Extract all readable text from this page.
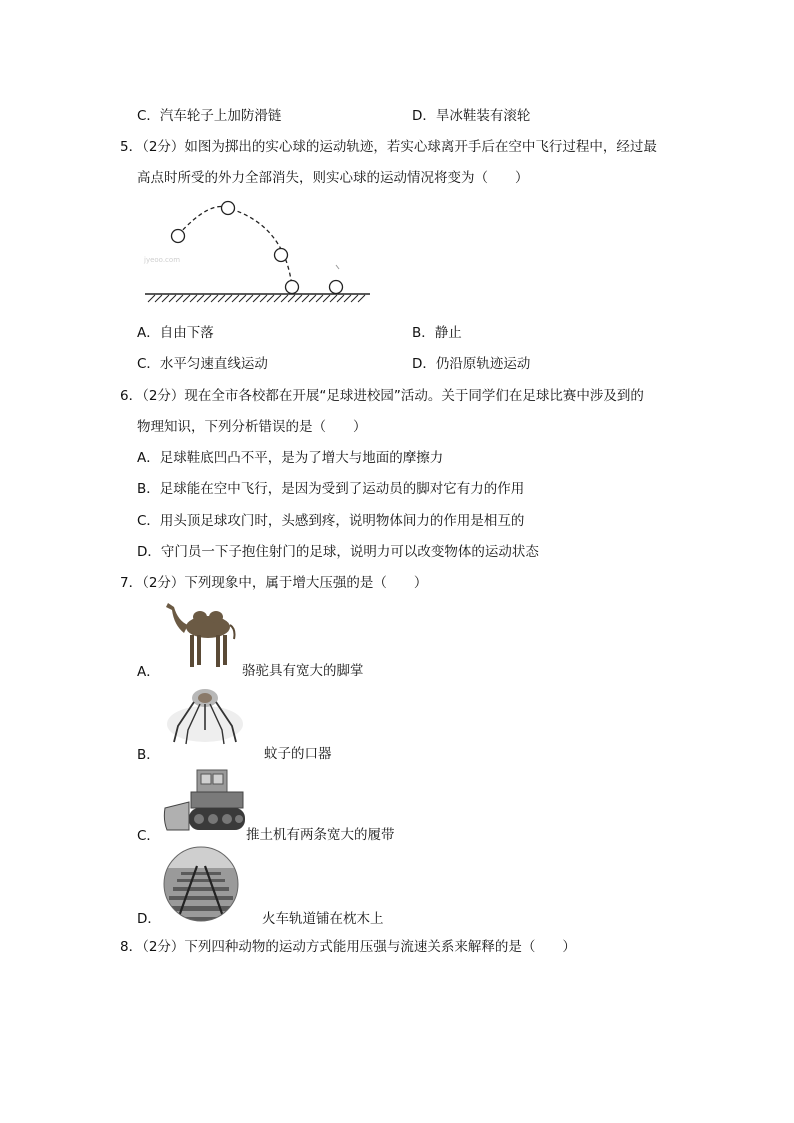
C．汽车轮子上加防滑链	D．旱冰鞋装有滚轮
5．（2分）如图为掷出的实心球的运动轨迹，若实心球离开手后在空中飞行过程中，经过最
高点时所受的外力全部消失，则实心球的运动情况将变为（　　）
jyeoo.com
A．自由下落	B．静止
C．水平匀速直线运动	D．仍沿原轨迹运动
6．（2分）现在全市各校都在开展“足球进校园”活动。关于同学们在足球比赛中涉及到的
物理知识，下列分析错误的是（　　）
A．足球鞋底凹凸不平，是为了增大与地面的摩擦力
B．足球能在空中飞行，是因为受到了运动员的脚对它有力的作用
C．用头顶足球攻门时，头感到疼，说明物体间力的作用是相互的
D．守门员一下子抱住射门的足球，说明力可以改变物体的运动状态
7．（2分）下列现象中，属于增大压强的是（　　）
A．	骆驼具有宽大的脚掌
B．	蚊子的口器
C．	推土机有两条宽大的履带
D．	火车轨道铺在枕木上
8．（2分）下列四种动物的运动方式能用压强与流速关系来解释的是（　　）
